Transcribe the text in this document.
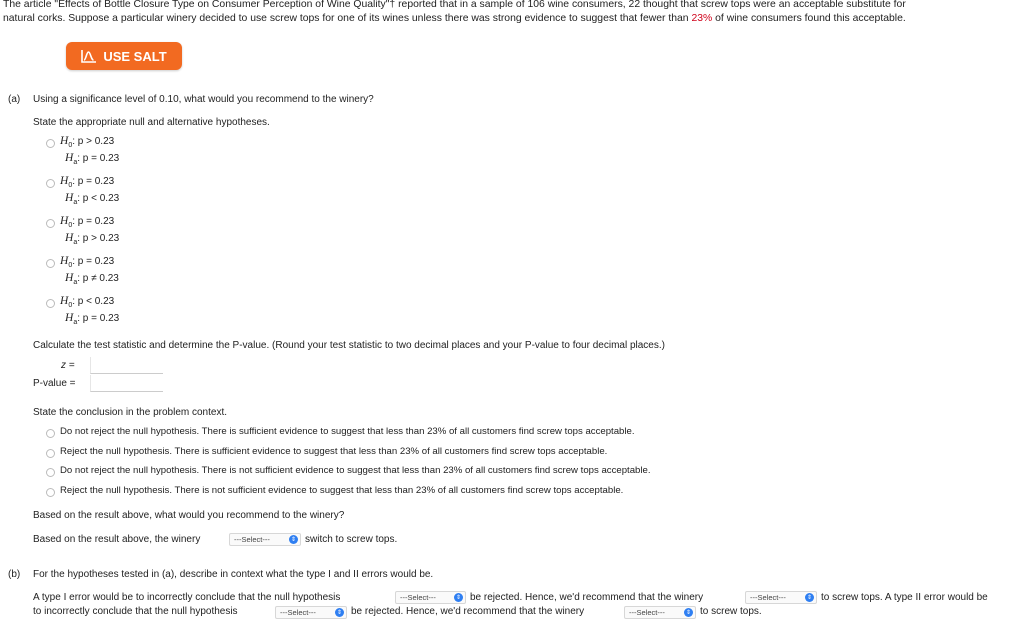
The article "Effects of Bottle Closure Type on Consumer Perception of Wine Quality"† reported that in a sample of 106 wine consumers, 22 thought that screw tops were an acceptable substitute for
natural corks. Suppose a particular winery decided to use screw tops for one of its wines unless there was strong evidence to suggest that fewer than 23% of wine consumers found this acceptable.
USE SALT
(a) Using a significance level of 0.10, what would you recommend to the winery?
State the appropriate null and alternative hypotheses.
$H_0$: p > 0.23
$H_a$: p = 0.23
$H_0$: p = 0.23
$H_a$: p < 0.23
$H_0$: p = 0.23
$H_a$: p > 0.23
$H_0$: p = 0.23
$H_a$: p ≠ 0.23
$H_0$: p < 0.23
$H_a$: p = 0.23
Calculate the test statistic and determine the P-value. (Round your test statistic to two decimal places and your P-value to four decimal places.)
z =
P-value =
State the conclusion in the problem context.
Do not reject the null hypothesis. There is sufficient evidence to suggest that less than 23% of all customers find screw tops acceptable.
Reject the null hypothesis. There is sufficient evidence to suggest that less than 23% of all customers find screw tops acceptable.
Do not reject the null hypothesis. There is not sufficient evidence to suggest that less than 23% of all customers find screw tops acceptable.
Reject the null hypothesis. There is not sufficient evidence to suggest that less than 23% of all customers find screw tops acceptable.
Based on the result above, what would you recommend to the winery?
Based on the result above, the winery	---Select---	⇕ switch to screw tops.
(b) For the hypotheses tested in (a), describe in context what the type I and II errors would be.
A type I error would be to incorrectly conclude that the null hypothesis	---Select---	⇕ be rejected. Hence, we'd recommend that the winery	---Select---	⇕ to screw tops. A type II error would be
to incorrectly conclude that the null hypothesis	---Select---	⇕ be rejected. Hence, we'd recommend that the winery	---Select---	⇕ to screw tops.
